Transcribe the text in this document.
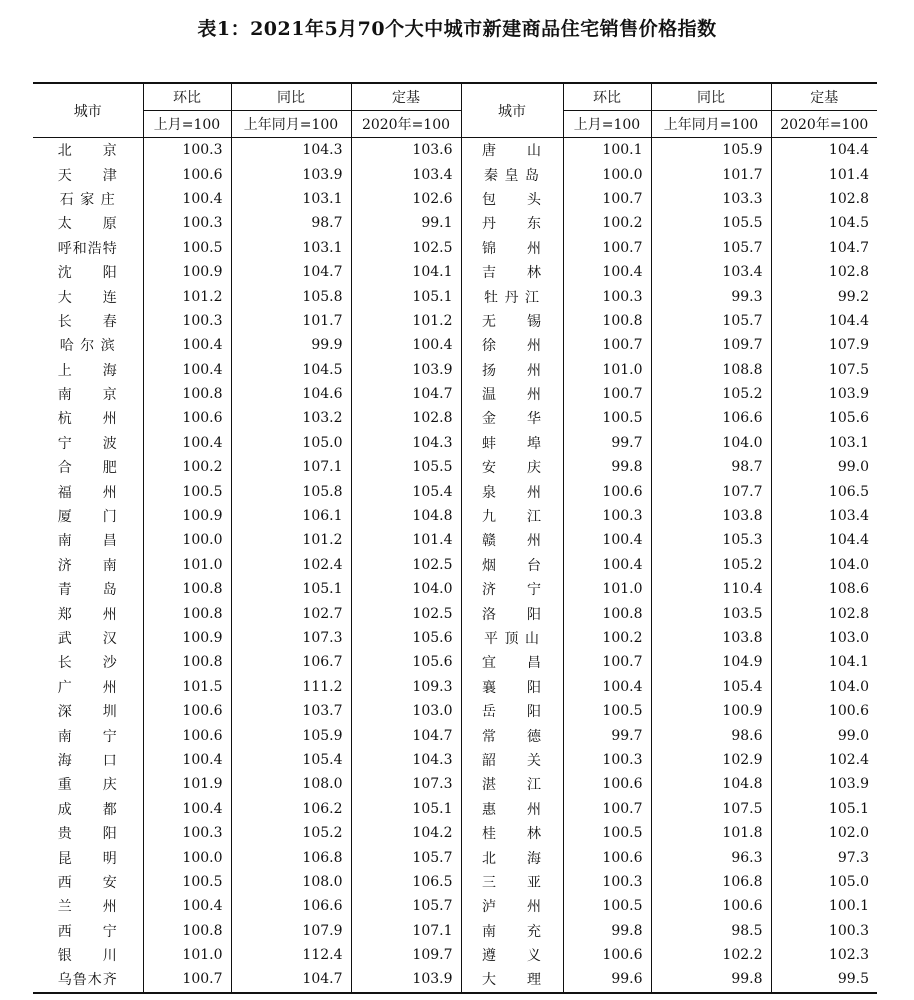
表1：2021年5月70个大中城市新建商品住宅销售价格指数
城市	环比	同比	定基	城市	环比	同比	定基
	上月=100	上年同月=100	2020年=100		上月=100	上年同月=100	2020年=100
北　　京	100.3	104.3	103.6	唐　　山	100.1	105.9	104.4
天　　津	100.6	103.9	103.4	秦 皇 岛	100.0	101.7	101.4
石 家 庄	100.4	103.1	102.6	包　　头	100.7	103.3	102.8
太　　原	100.3	98.7	99.1	丹　　东	100.2	105.5	104.5
呼和浩特	100.5	103.1	102.5	锦　　州	100.7	105.7	104.7
沈　　阳	100.9	104.7	104.1	吉　　林	100.4	103.4	102.8
大　　连	101.2	105.8	105.1	牡 丹 江	100.3	99.3	99.2
长　　春	100.3	101.7	101.2	无　　锡	100.8	105.7	104.4
哈 尔 滨	100.4	99.9	100.4	徐　　州	100.7	109.7	107.9
上　　海	100.4	104.5	103.9	扬　　州	101.0	108.8	107.5
南　　京	100.8	104.6	104.7	温　　州	100.7	105.2	103.9
杭　　州	100.6	103.2	102.8	金　　华	100.5	106.6	105.6
宁　　波	100.4	105.0	104.3	蚌　　埠	99.7	104.0	103.1
合　　肥	100.2	107.1	105.5	安　　庆	99.8	98.7	99.0
福　　州	100.5	105.8	105.4	泉　　州	100.6	107.7	106.5
厦　　门	100.9	106.1	104.8	九　　江	100.3	103.8	103.4
南　　昌	100.0	101.2	101.4	赣　　州	100.4	105.3	104.4
济　　南	101.0	102.4	102.5	烟　　台	100.4	105.2	104.0
青　　岛	100.8	105.1	104.0	济　　宁	101.0	110.4	108.6
郑　　州	100.8	102.7	102.5	洛　　阳	100.8	103.5	102.8
武　　汉	100.9	107.3	105.6	平 顶 山	100.2	103.8	103.0
长　　沙	100.8	106.7	105.6	宜　　昌	100.7	104.9	104.1
广　　州	101.5	111.2	109.3	襄　　阳	100.4	105.4	104.0
深　　圳	100.6	103.7	103.0	岳　　阳	100.5	100.9	100.6
南　　宁	100.6	105.9	104.7	常　　德	99.7	98.6	99.0
海　　口	100.4	105.4	104.3	韶　　关	100.3	102.9	102.4
重　　庆	101.9	108.0	107.3	湛　　江	100.6	104.8	103.9
成　　都	100.4	106.2	105.1	惠　　州	100.7	107.5	105.1
贵　　阳	100.3	105.2	104.2	桂　　林	100.5	101.8	102.0
昆　　明	100.0	106.8	105.7	北　　海	100.6	96.3	97.3
西　　安	100.5	108.0	106.5	三　　亚	100.3	106.8	105.0
兰　　州	100.4	106.6	105.7	泸　　州	100.5	100.6	100.1
西　　宁	100.8	107.9	107.1	南　　充	99.8	98.5	100.3
银　　川	101.0	112.4	109.7	遵　　义	100.6	102.2	102.3
乌鲁木齐	100.7	104.7	103.9	大　　理	99.6	99.8	99.5
